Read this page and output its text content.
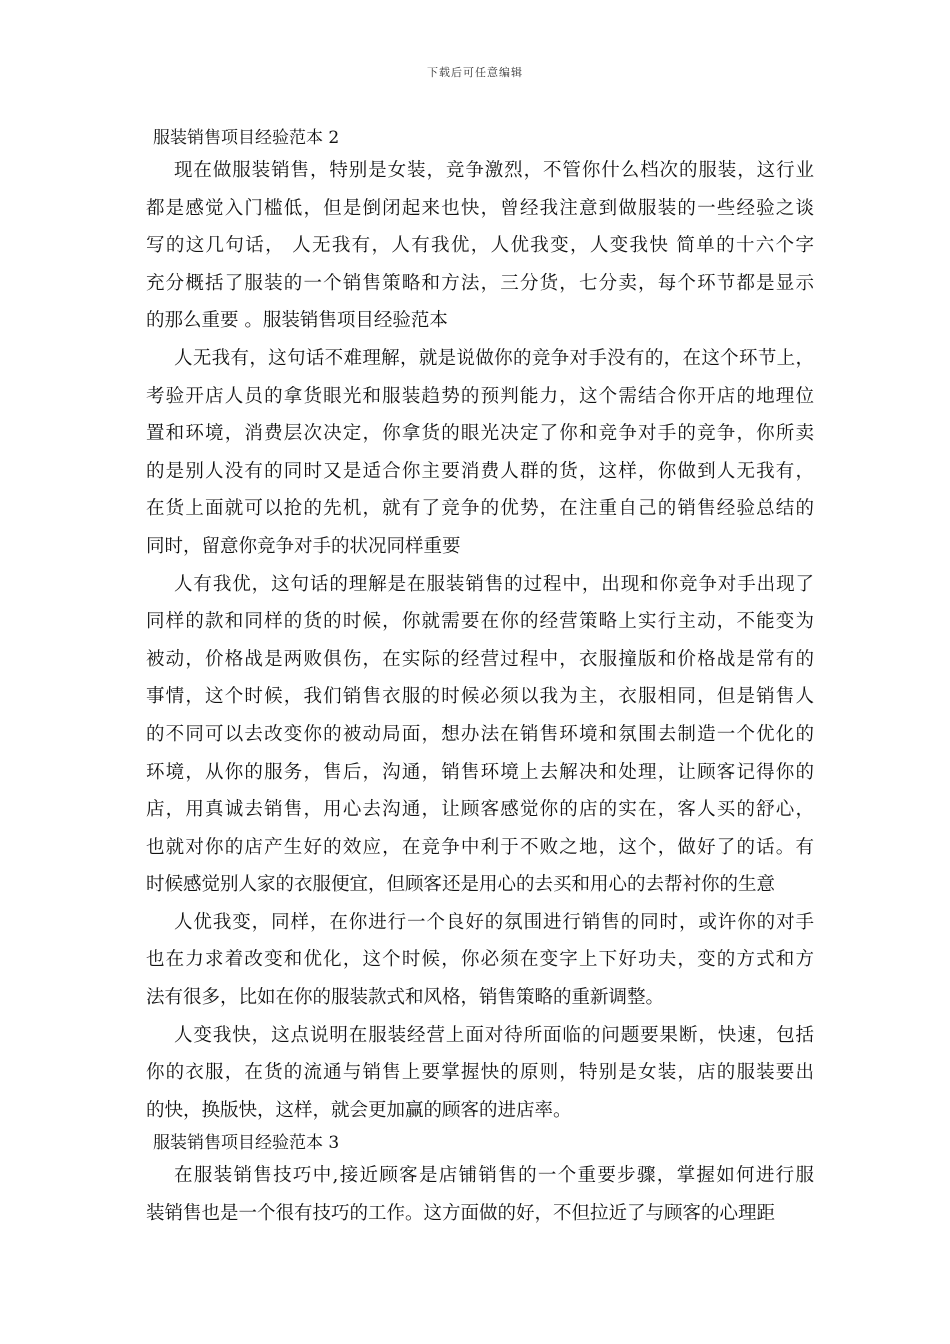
下载后可任意编辑
服装销售项目经验范本 2
现在做服装销售，特别是女装，竞争激烈，不管你什么档次的服装，这行业
都是感觉入门槛低，但是倒闭起来也快，曾经我注意到做服装的一些经验之谈
写的这几句话， 人无我有，人有我优，人优我变，人变我快 简单的十六个字
充分概括了服装的一个销售策略和方法，三分货，七分卖，每个环节都是显示
的那么重要 。服装销售项目经验范本
人无我有，这句话不难理解，就是说做你的竞争对手没有的，在这个环节上，
考验开店人员的拿货眼光和服装趋势的预判能力，这个需结合你开店的地理位
置和环境，消费层次决定，你拿货的眼光决定了你和竞争对手的竞争，你所卖
的是别人没有的同时又是适合你主要消费人群的货，这样，你做到人无我有，
在货上面就可以抢的先机，就有了竞争的优势，在注重自己的销售经验总结的
同时，留意你竞争对手的状况同样重要
人有我优，这句话的理解是在服装销售的过程中，出现和你竞争对手出现了
同样的款和同样的货的时候，你就需要在你的经营策略上实行主动，不能变为
被动，价格战是两败俱伤，在实际的经营过程中，衣服撞版和价格战是常有的
事情，这个时候，我们销售衣服的时候必须以我为主，衣服相同，但是销售人
的不同可以去改变你的被动局面，想办法在销售环境和氛围去制造一个优化的
环境，从你的服务，售后，沟通，销售环境上去解决和处理，让顾客记得你的
店，用真诚去销售，用心去沟通，让顾客感觉你的店的实在，客人买的舒心，
也就对你的店产生好的效应，在竞争中利于不败之地，这个，做好了的话。有
时候感觉别人家的衣服便宜，但顾客还是用心的去买和用心的去帮衬你的生意
人优我变，同样，在你进行一个良好的氛围进行销售的同时，或许你的对手
也在力求着改变和优化，这个时候，你必须在变字上下好功夫，变的方式和方
法有很多，比如在你的服装款式和风格，销售策略的重新调整。
人变我快，这点说明在服装经营上面对待所面临的问题要果断，快速，包括
你的衣服，在货的流通与销售上要掌握快的原则，特别是女装，店的服装要出
的快，换版快，这样，就会更加赢的顾客的进店率。
服装销售项目经验范本 3
在服装销售技巧中,接近顾客是店铺销售的一个重要步骤，掌握如何进行服
装销售也是一个很有技巧的工作。这方面做的好，不但拉近了与顾客的心理距
